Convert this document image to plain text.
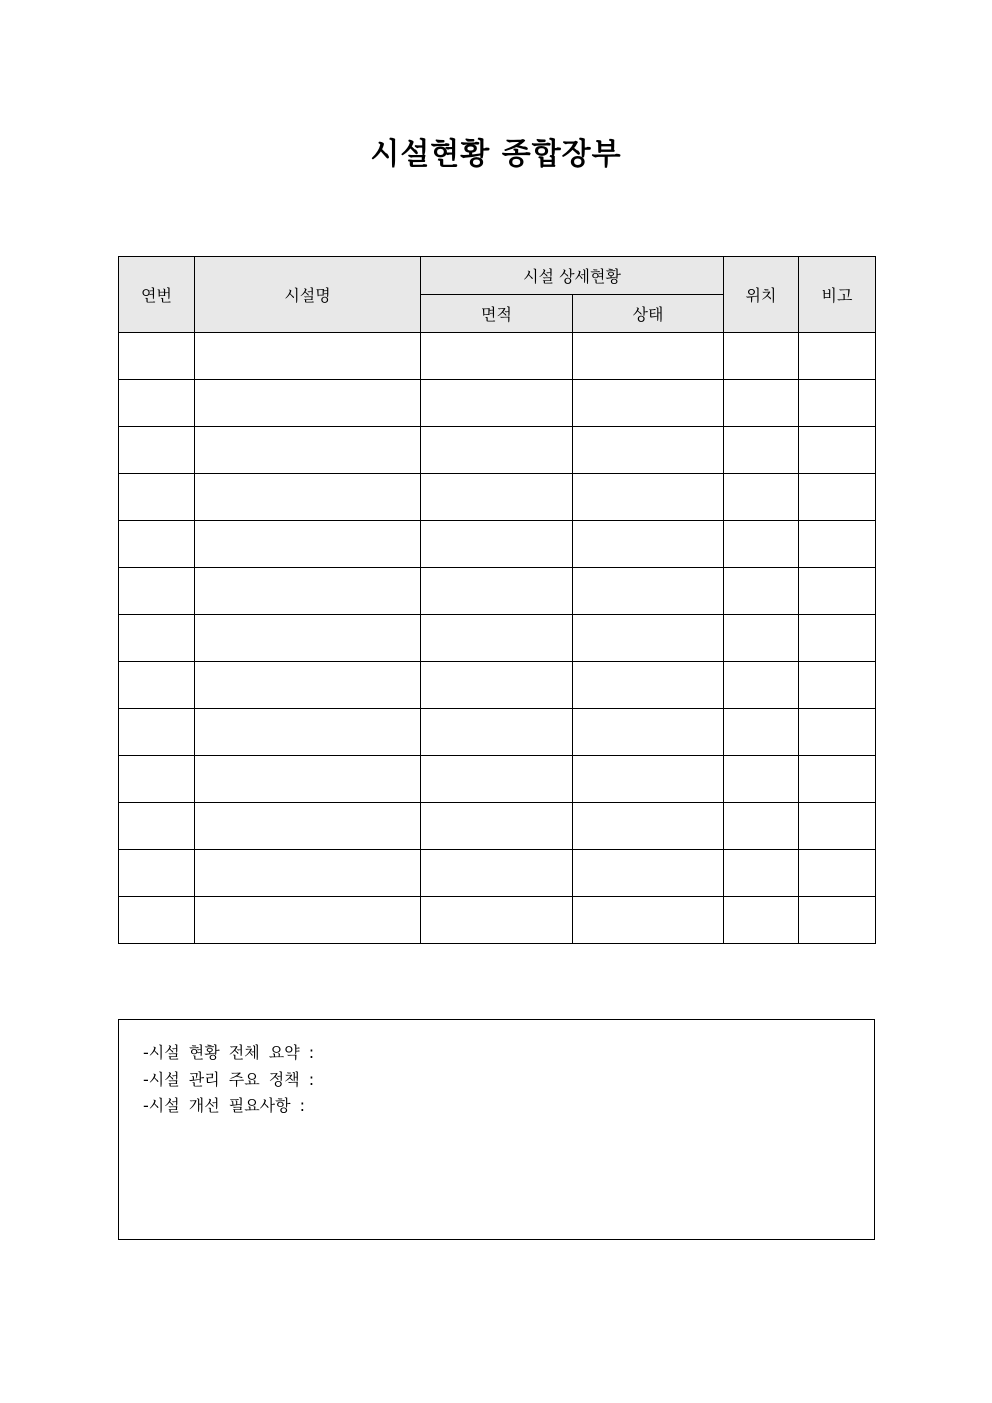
시설현황 종합장부
연번	시설명	시설 상세현황		위치	비고
		면적	상태		

-시설 현황 전체 요약 :
-시설 관리 주요 정책 :
-시설 개선 필요사항 :
